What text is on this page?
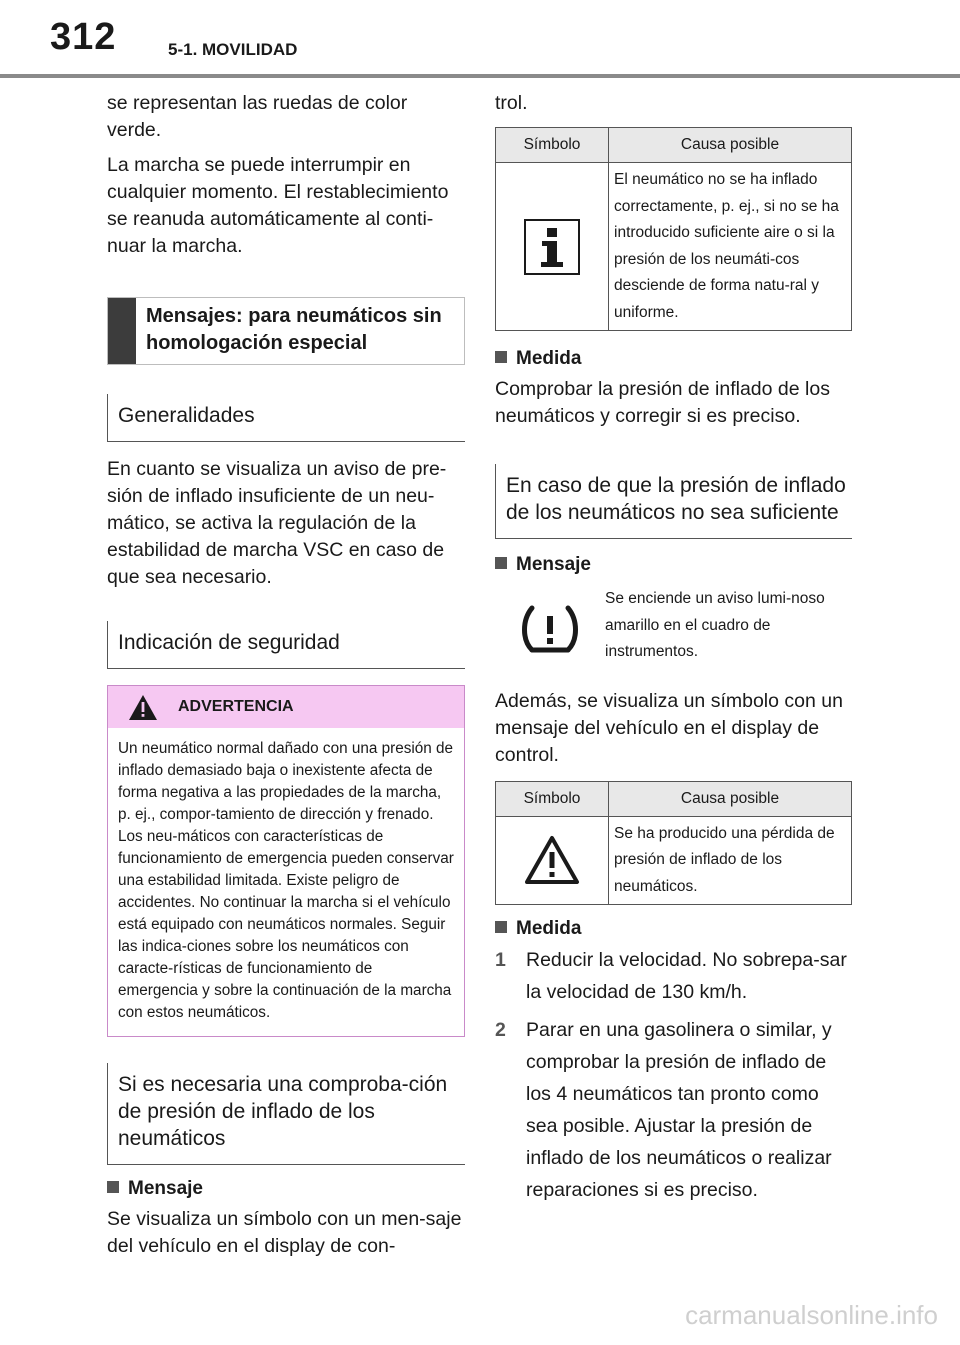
312	5-1. MOVILIDAD

se representan las ruedas de color verde.

La marcha se puede interrumpir en cualquier momento. El restablecimiento se reanuda automáticamente al conti-nuar la marcha.

Mensajes: para neumáticos sin homologación especial
Generalidades

En cuanto se visualiza un aviso de pre-sión de inflado insuficiente de un neu-mático, se activa la regulación de la estabilidad de marcha VSC en caso de que sea necesario.

Indicación de seguridad
ADVERTENCIA
Un neumático normal dañado con una presión de inflado demasiado baja o inexistente afecta de forma negativa a las propiedades de la marcha, p. ej., compor-tamiento de dirección y frenado. Los neu-máticos con características de funcionamiento de emergencia pueden conservar una estabilidad limitada. Existe peligro de accidentes. No continuar la marcha si el vehículo está equipado con neumáticos normales. Seguir las indica-ciones sobre los neumáticos con caracte-rísticas de funcionamiento de emergencia y sobre la continuación de la marcha con estos neumáticos.
Si es necesaria una comproba-ción de presión de inflado de los neumáticos
Mensaje

Se visualiza un símbolo con un men-saje del vehículo en el display de con-

trol.

Símbolo	Causa posible

	El neumático no se ha inflado correctamente, p. ej., si no se ha introducido suficiente aire o si la presión de los neumáti-cos desciende de forma natu-ral y uniforme.
Medida

Comprobar la presión de inflado de los neumáticos y corregir si es preciso.

En caso de que la presión de inflado de los neumáticos no sea suficiente
Mensaje
Se enciende un aviso lumi-noso amarillo en el cuadro de instrumentos.

Además, se visualiza un símbolo con un mensaje del vehículo en el display de control.

Símbolo	Causa posible

	Se ha producido una pérdida de presión de inflado de los neumáticos.
Medida
1	Reducir la velocidad. No sobrepa-sar la velocidad de 130 km/h.
2	Parar en una gasolinera o similar, y comprobar la presión de inflado de los 4 neumáticos tan pronto como sea posible. Ajustar la presión de inflado de los neumáticos o realizar reparaciones si es preciso.
carmanualsonline.info
